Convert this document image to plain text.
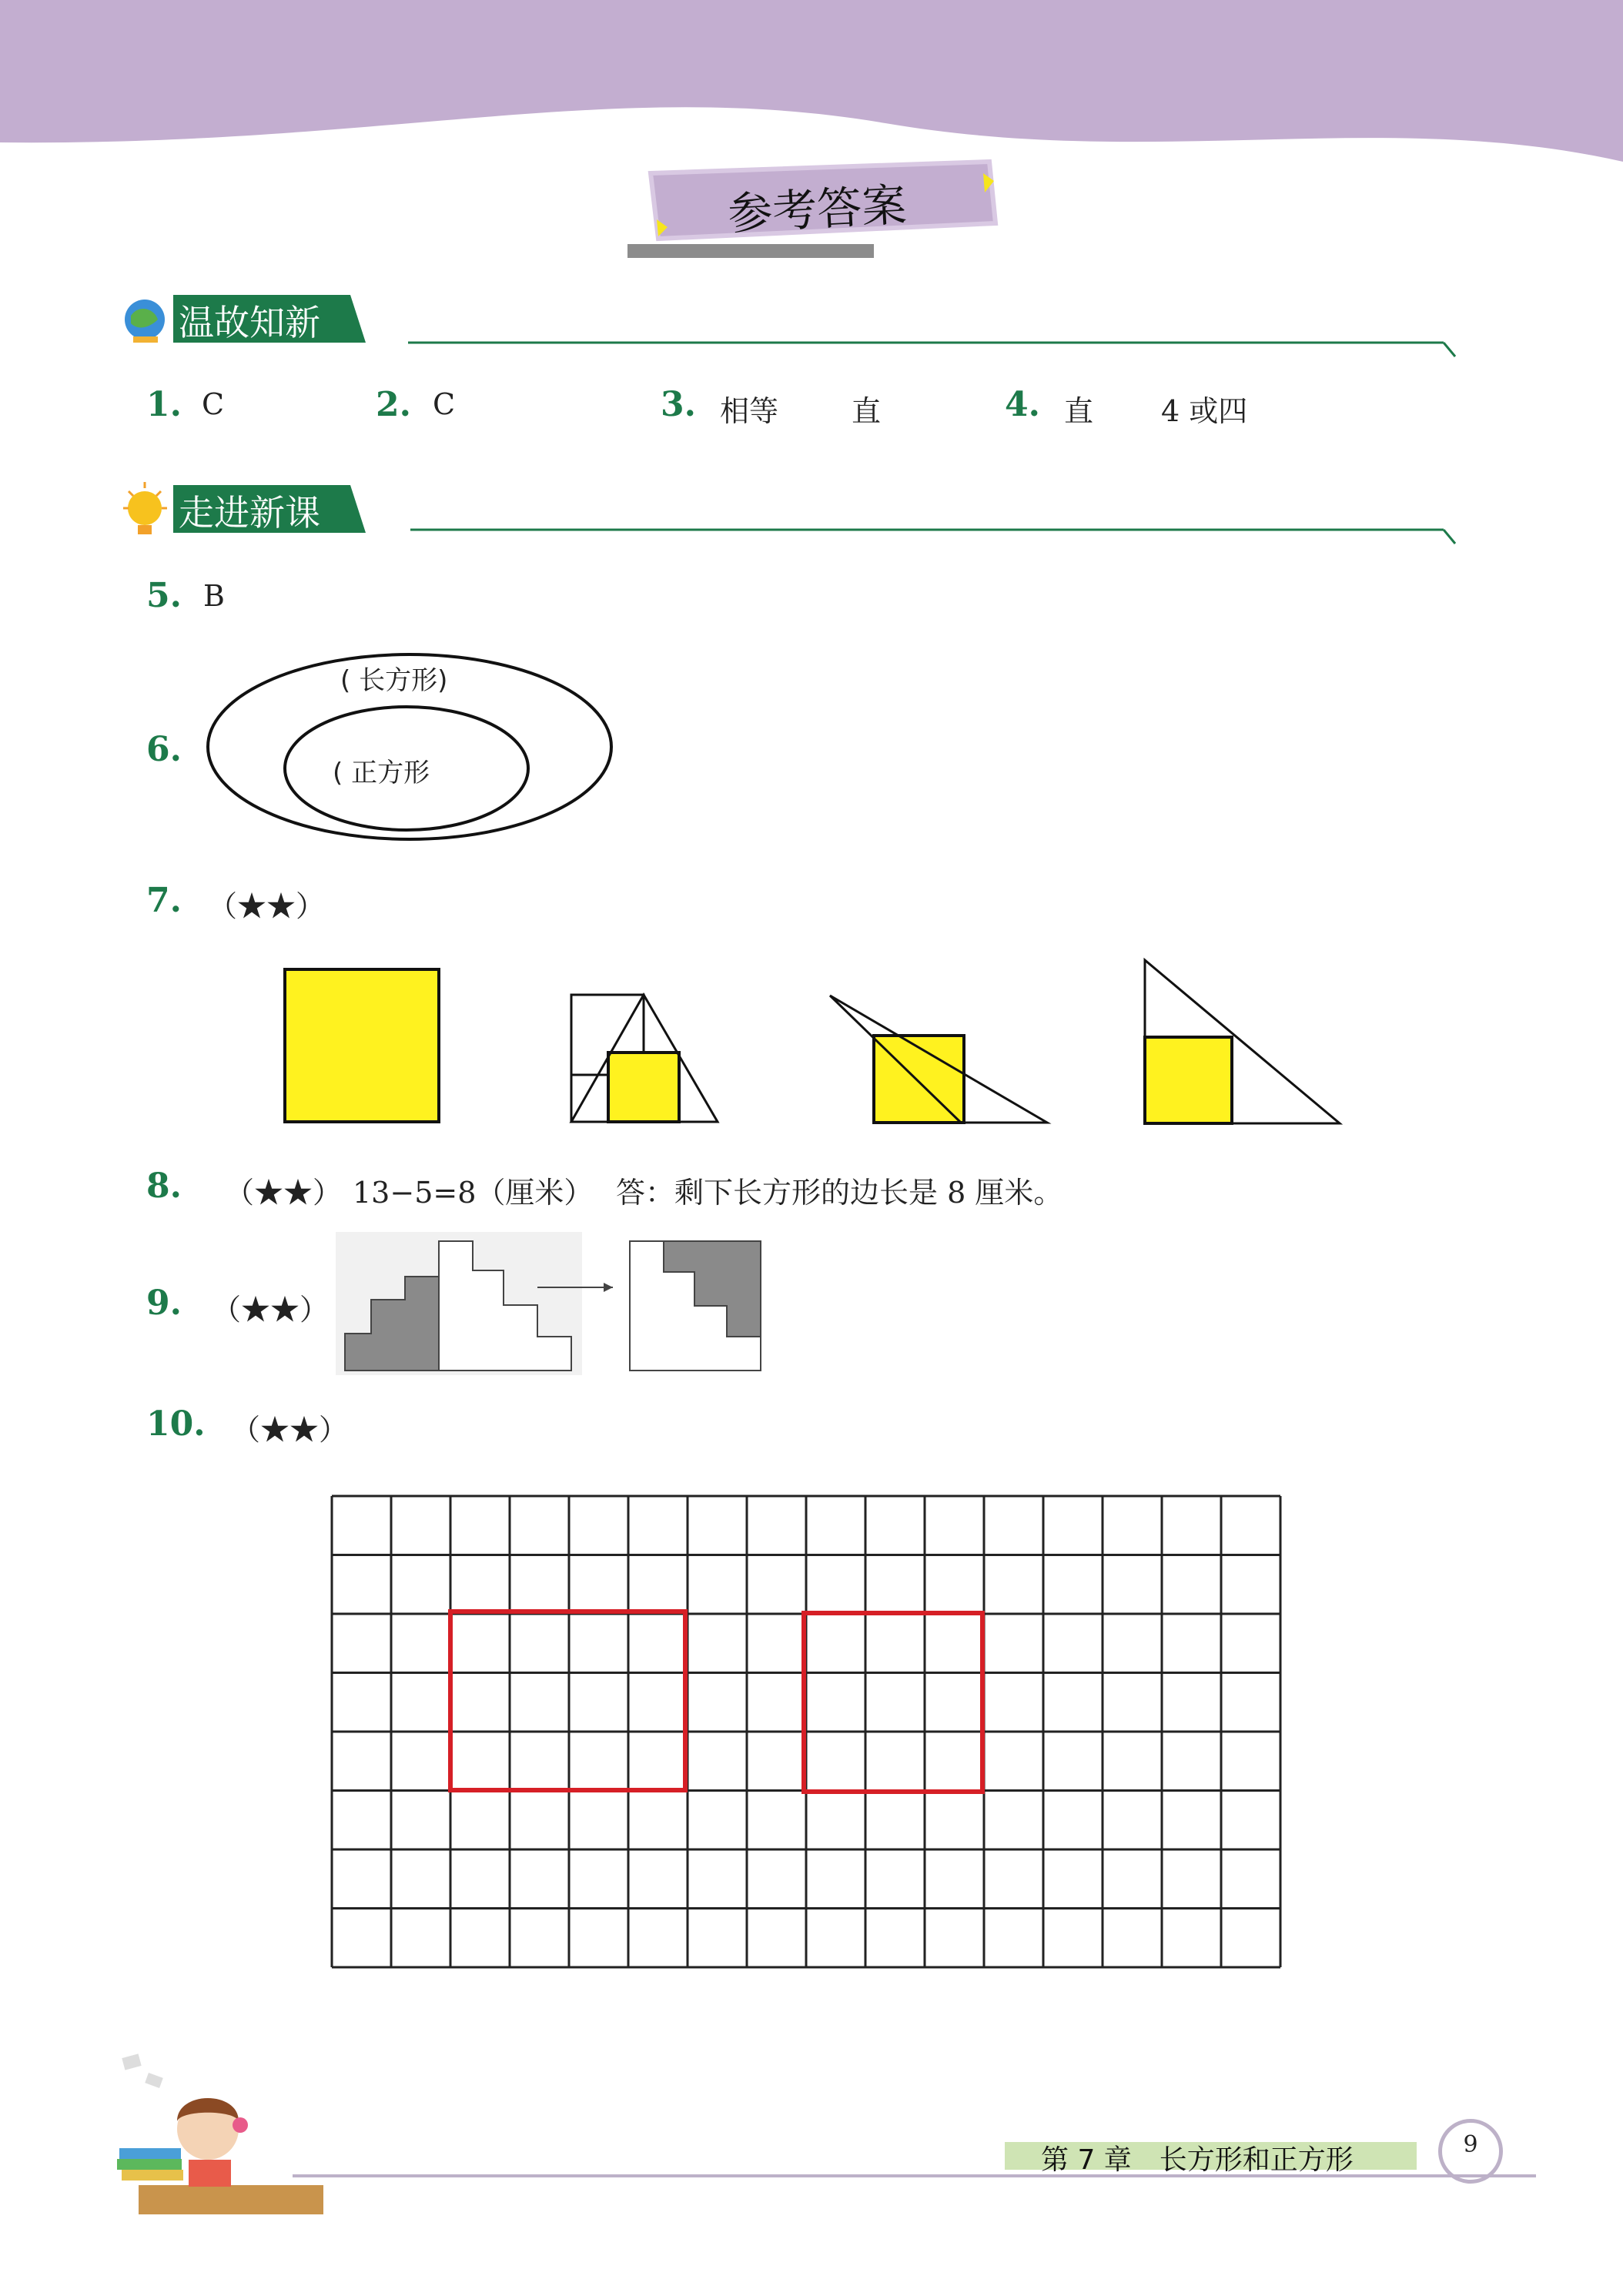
参考答案
温故知新
1. C	2. C	3. 相等 直	4. 直 4 或四
走进新课
5. B
6.
( 长方形)
( 正方形
7. （★★）
8. （★★） 13−5=8（厘米） 答：剩下长方形的边长是 8 厘米。
9. （★★）
10. （★★）
第 7 章　长方形和正方形	9
